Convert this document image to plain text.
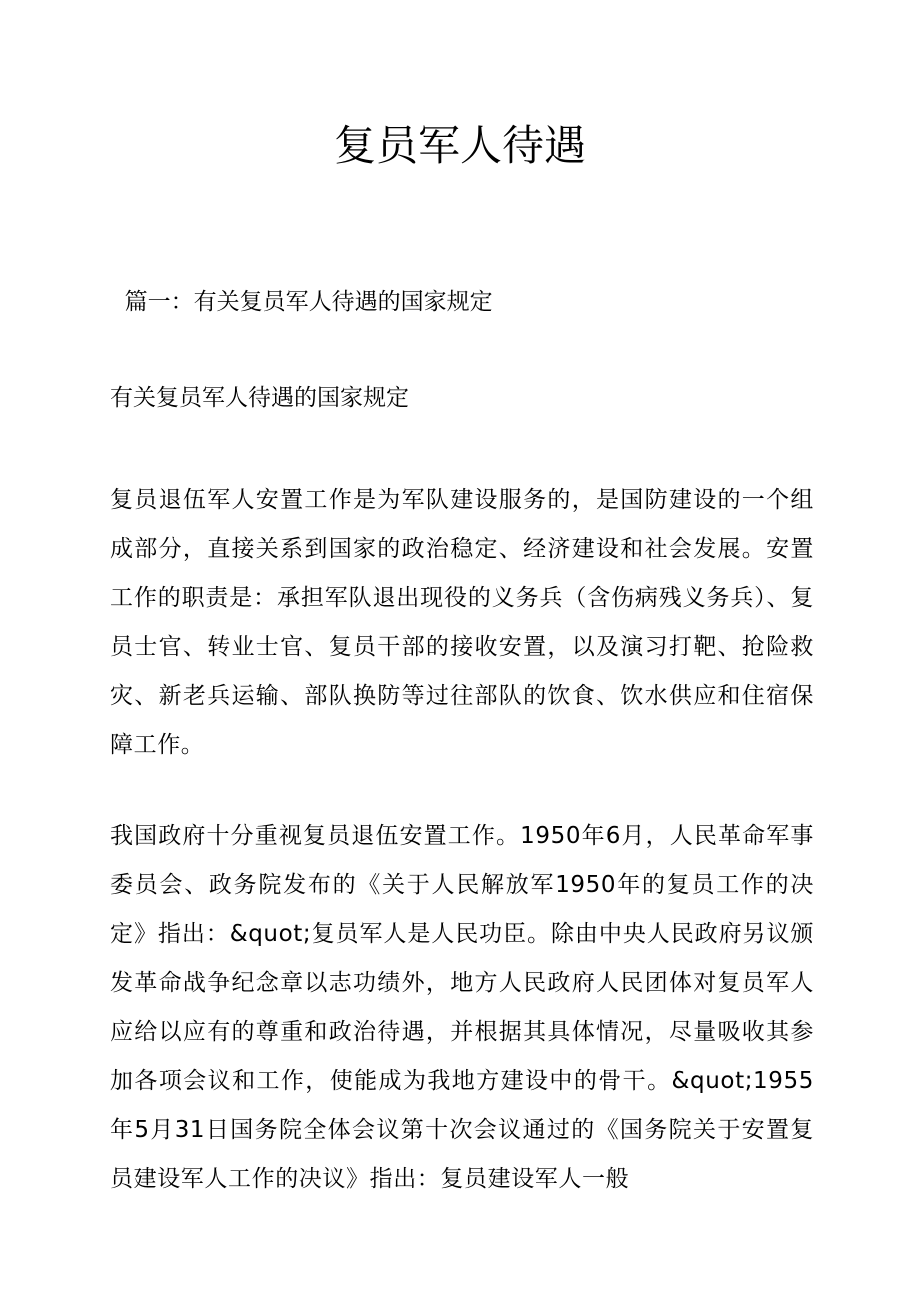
复员军人待遇
篇一：有关复员军人待遇的国家规定
有关复员军人待遇的国家规定
复员退伍军人安置工作是为军队建设服务的，是国防建设的一个组成部分，直接关系到国家的政治稳定、经济建设和社会发展。安置工作的职责是：承担军队退出现役的义务兵（含伤病残义务兵）、复员士官、转业士官、复员干部的接收安置，以及演习打靶、抢险救灾、新老兵运输、部队换防等过往部队的饮食、饮水供应和住宿保障工作。
我国政府十分重视复员退伍安置工作。1950年6月，人民革命军事委员会、政务院发布的《关于人民解放军1950年的复员工作的决定》指出：&quot;复员军人是人民功臣。除由中央人民政府另议颁发革命战争纪念章以志功绩外，地方人民政府人民团体对复员军人应给以应有的尊重和政治待遇，并根据其具体情况，尽量吸收其参加各项会议和工作，使能成为我地方建设中的骨干。&quot;1955年5月31日国务院全体会议第十次会议通过的《国务院关于安置复员建设军人工作的决议》指出：复员建设军人一般
